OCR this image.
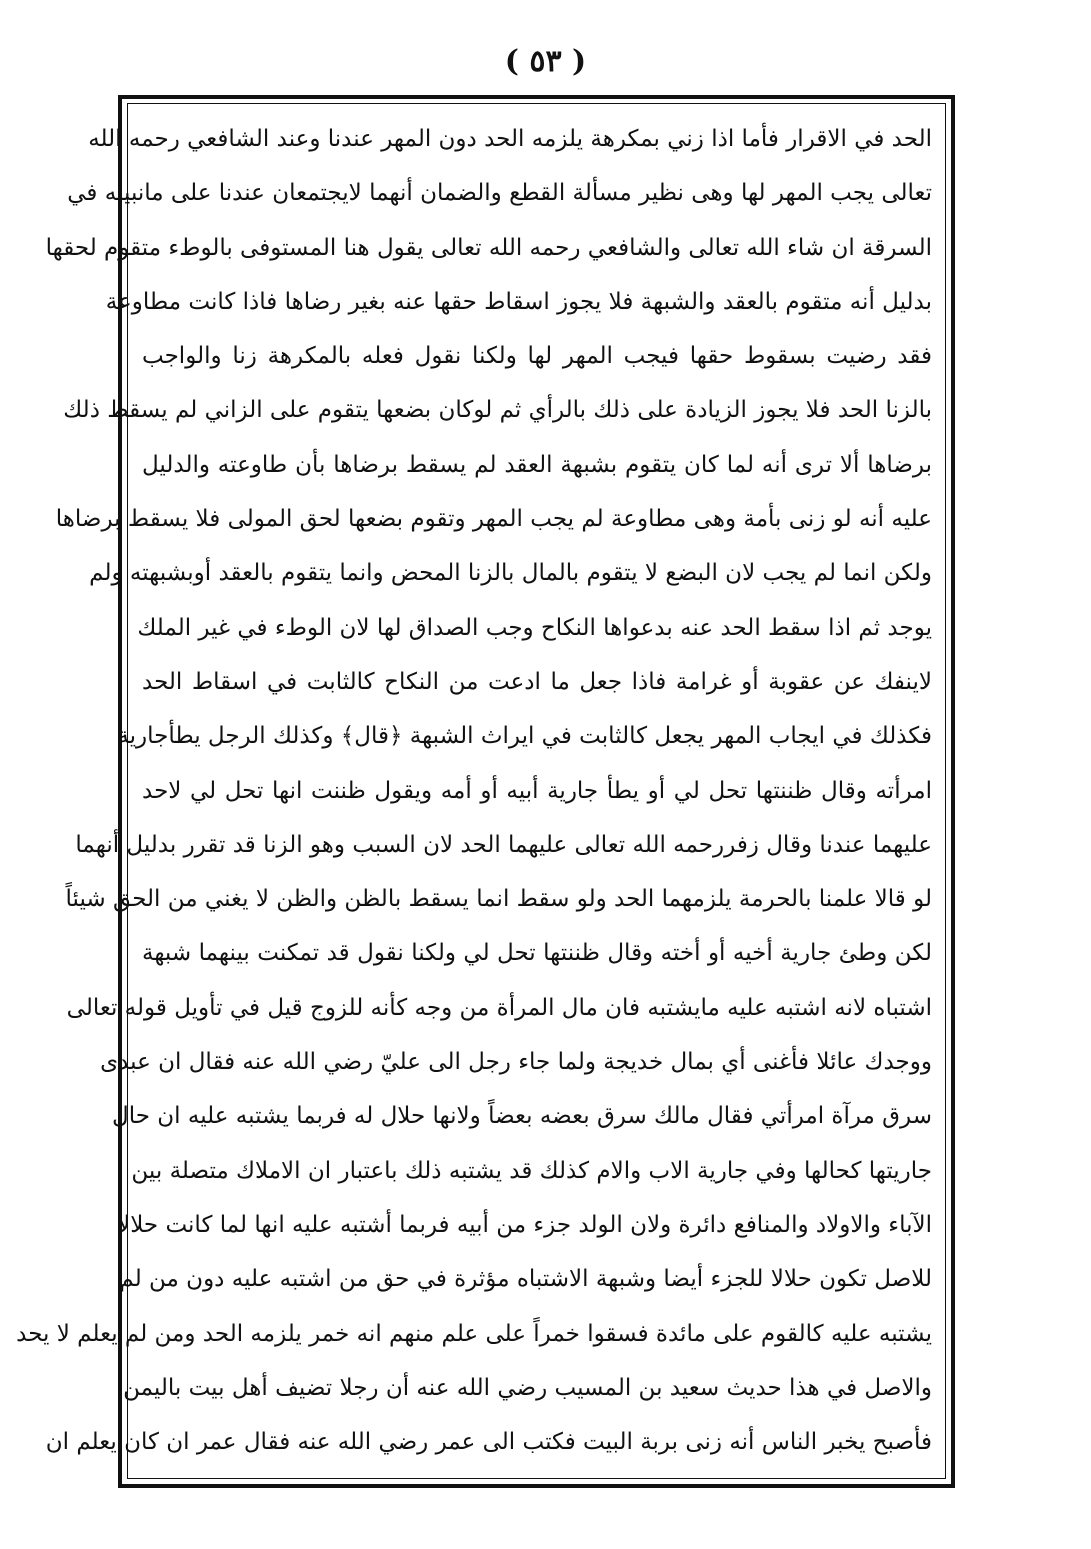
( ٥٣ )
الحد في الاقرار فأما اذا زني بمكرهة يلزمه الحد دون المهر عندنا وعند الشافعي رحمه الله
تعالى يجب المهر لها وهى نظير مسألة القطع والضمان أنهما لايجتمعان عندنا على مانبينه في
السرقة ان شاء الله تعالى والشافعي رحمه الله تعالى يقول هنا المستوفى بالوطء متقوم لحقها
بدليل أنه متقوم بالعقد والشبهة فلا يجوز اسقاط حقها عنه بغير رضاها فاذا كانت مطاوعة
فقد رضيت بسقوط حقها فيجب المهر لها ولكنا نقول فعله بالمكرهة زنا والواجب
بالزنا الحد فلا يجوز الزيادة على ذلك بالرأي ثم لوكان بضعها يتقوم على الزاني لم يسقط ذلك
برضاها ألا ترى أنه لما كان يتقوم بشبهة العقد لم يسقط برضاها بأن طاوعته والدليل
عليه أنه لو زنى بأمة وهى مطاوعة لم يجب المهر وتقوم بضعها لحق المولى فلا يسقط برضاها
ولكن انما لم يجب لان البضع لا يتقوم بالمال بالزنا المحض وانما يتقوم بالعقد أوبشبهته ولم
يوجد ثم اذا سقط الحد عنه بدعواها النكاح وجب الصداق لها لان الوطء في غير الملك
لاينفك عن عقوبة أو غرامة فاذا جعل ما ادعت من النكاح كالثابت في اسقاط الحد
فكذلك في ايجاب المهر يجعل كالثابت في ايراث الشبهة ﴿قال﴾ وكذلك الرجل يطأجارية
امرأته وقال ظننتها تحل لي أو يطأ جارية أبيه أو أمه ويقول ظننت انها تحل لي لاحد
عليهما عندنا وقال زفررحمه الله تعالى عليهما الحد لان السبب وهو الزنا قد تقرر بدليل أنهما
لو قالا علمنا بالحرمة يلزمهما الحد ولو سقط انما يسقط بالظن والظن لا يغني من الحق شيئاً
لكن وطئ جارية أخيه أو أخته وقال ظننتها تحل لي ولكنا نقول قد تمكنت بينهما شبهة
اشتباه لانه اشتبه عليه مايشتبه فان مال المرأة من وجه كأنه للزوج قيل في تأويل قوله تعالى
ووجدك عائلا فأغنى أي بمال خديجة ولما جاء رجل الى عليّ رضي الله عنه فقال ان عبدى
سرق مرآة امرأتي فقال مالك سرق بعضه بعضاً ولانها حلال له فربما يشتبه عليه ان حال
جاريتها كحالها وفي جارية الاب والام كذلك قد يشتبه ذلك باعتبار ان الاملاك متصلة بين
الآباء والاولاد والمنافع دائرة ولان الولد جزء من أبيه فربما أشتبه عليه انها لما كانت حلالا
للاصل تكون حلالا للجزء أيضا وشبهة الاشتباه مؤثرة في حق من اشتبه عليه دون من لم
يشتبه عليه كالقوم على مائدة فسقوا خمراً على علم منهم انه خمر يلزمه الحد ومن لم يعلم لا يحد
والاصل في هذا حديث سعيد بن المسيب رضي الله عنه أن رجلا تضيف أهل بيت باليمن
فأصبح يخبر الناس أنه زنى بربة البيت فكتب الى عمر رضي الله عنه فقال عمر ان كان يعلم ان
